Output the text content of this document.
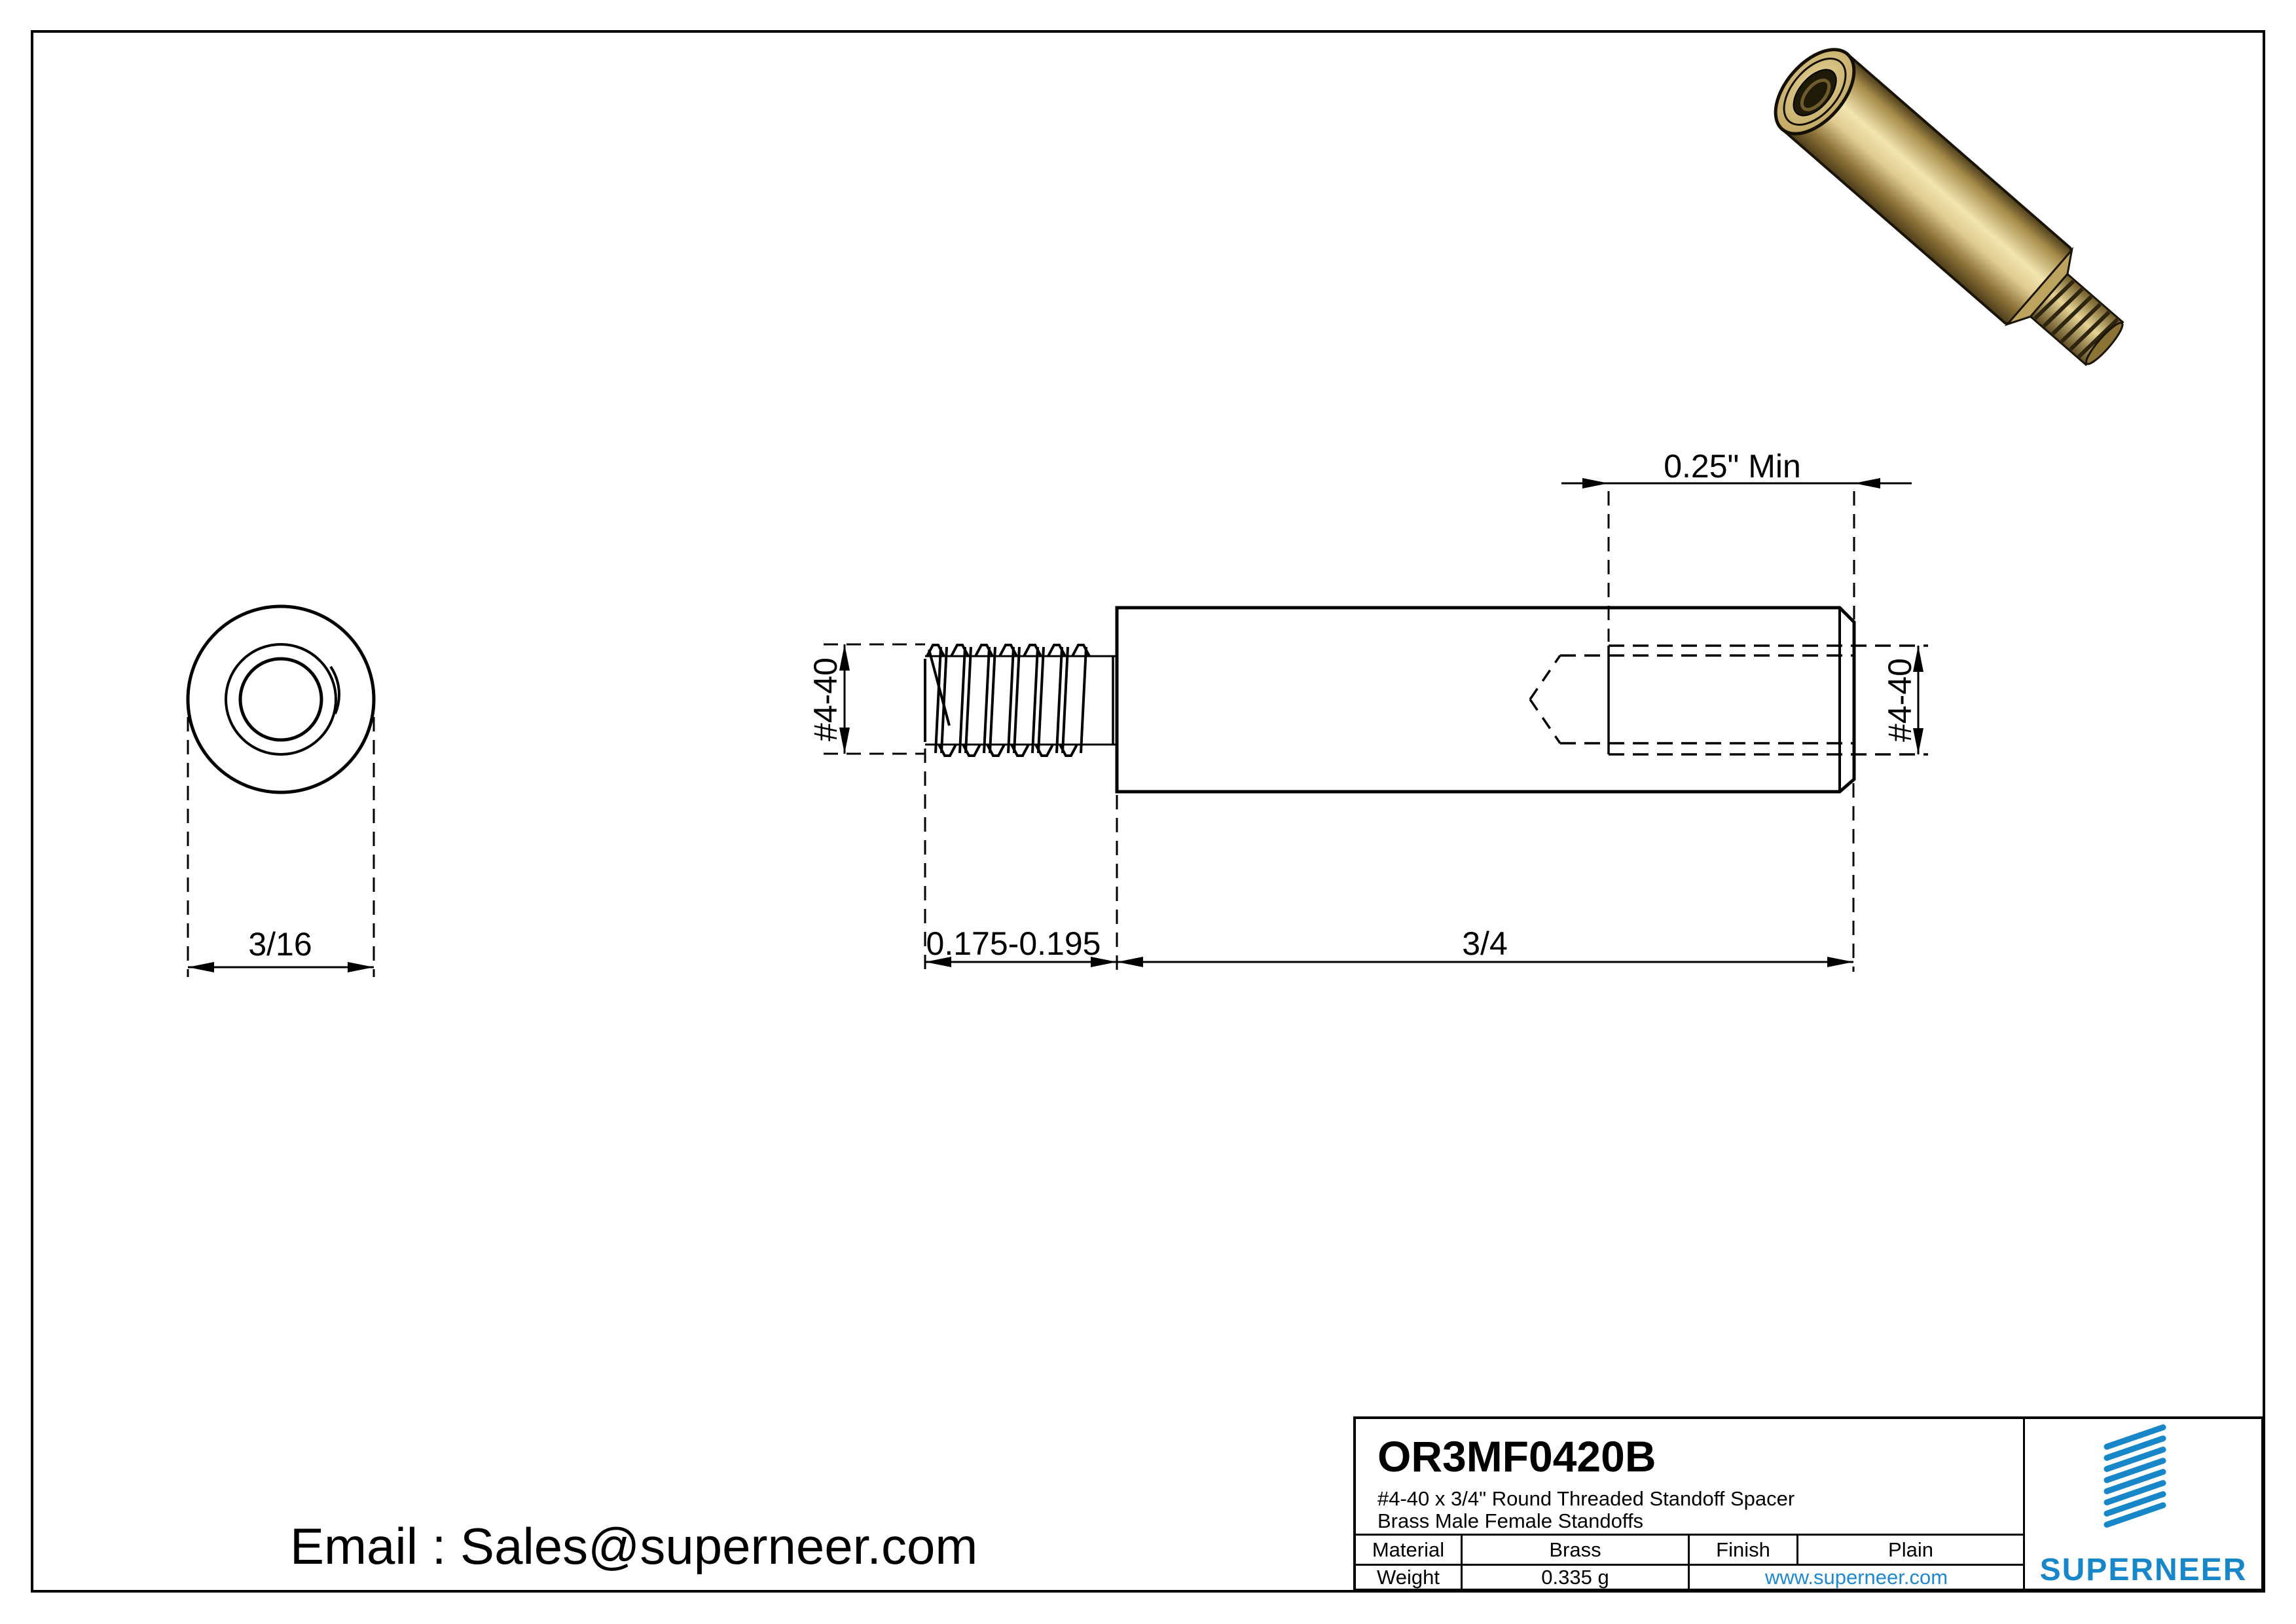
3/16
#4-40	#4-40
0.175-0.195	3/4
0.25" Min
Email : Sales@superneer.com
OR3MF0420B
#4-40 x 3/4" Round Threaded Standoff Spacer
Brass Male Female Standoffs
Material	Brass	Finish	Plain
Weight	0.335 g	www.superneer.com	SUPERNEER
